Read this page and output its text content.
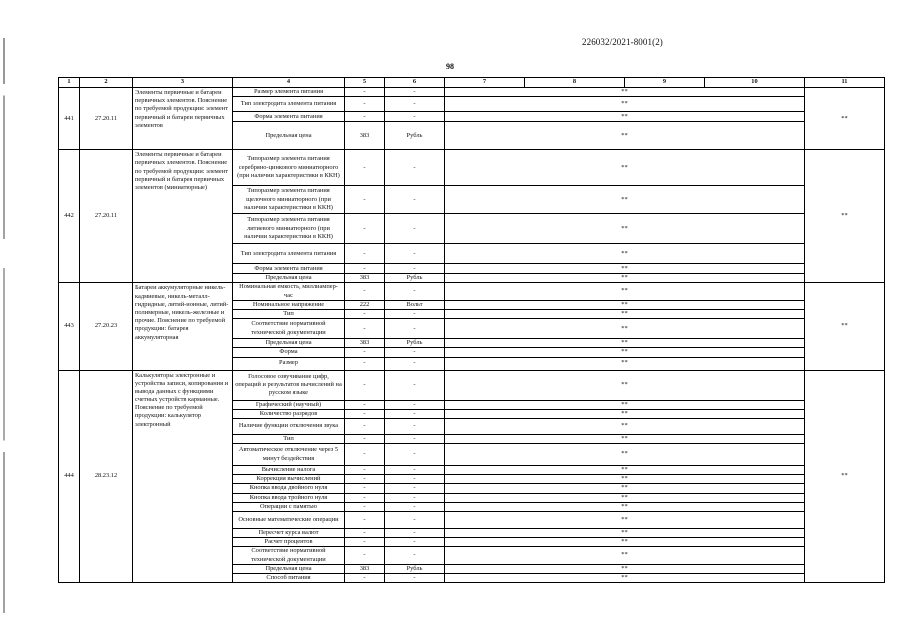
226032/2021-8001(2)
98
1	2	3	4	5	6	7	8	9	10	11
441	27.20.11	Элементы первичные и батареи первичных элементов. Пояснение по требуемой продукции: элемент первичный и батареи первичных элементов	Размер элемента питания	-	-	**				**
			Тип электродита элемента питания	-	-	**				
			Форма элемента питания	-	-	**				
			Предельная цена	383	Рубль	**				
442	27.20.11	Элементы первичные и батареи первичных элементов. Пояснение по требуемой продукции: элемент первичный и батарея первичных элементов (миниатюрные)	Типоразмер элемента питания серебряно-цинкового миниатюрного (при наличии характеристики в ККН)	-	-	**				**
			Типоразмер элемента питания щелочного миниатюрного (при наличии характеристики в ККН)	-	-	**				
			Типоразмер элемента питания литиевого миниатюрного (при наличии характеристики в ККН)	-	-	**				
			Тип электродита элемента питания	-	-	**				
			Форма элемента питания	-	-	**				
			Предельная цена	383	Рубль	**				
443	27.20.23	Батареи аккумуляторные никель-кадмиевые, никель-металл-гидридные, литий-ионные, литий-полимерные, никель-железные и прочие. Пояснение по требуемой продукции: батарея аккумуляторная	Номинальная емкость, миллиампер-час	-	-	**				**
			Номинальное напряжение	222	Вольт	**				
			Тип	-	-	**				
			Соответствие нормативной технической документации	-	-	**				
			Предельная цена	383	Рубль	**				
			Форма	-	-	**				
			Размер	-	-	**				
444	28.23.12	Калькуляторы электронные и устройства записи, копирования и вывода данных с функциями счетных устройств карманные. Пояснение по требуемой продукции: калькулятор электронный	Голосовое озвучивание цифр, операций и результатов вычислений на русском языке	-	-	**				**
			Графический (научный)	-	-	**				
			Количество разрядов	-	-	**				
			Наличие функции отключения звука	-	-	**				
			Тип	-	-	**				
			Автоматическое отключение через 5 минут бездействия	-	-	**				
			Вычисление налога	-	-	**				
			Коррекция вычислений	-	-	**				
			Кнопка ввода двойного нуля	-	-	**				
			Кнопка ввода тройного нуля	-	-	**				
			Операции с памятью	-	-	**				
			Основные математические операции	-	-	**				
			Пересчет курса валют	-	-	**				
			Расчет процентов	-	-	**				
			Соответствие нормативной технической документации	-	-	**				
			Предельная цена	383	Рубль	**				
			Способ питания	-	-	**				
